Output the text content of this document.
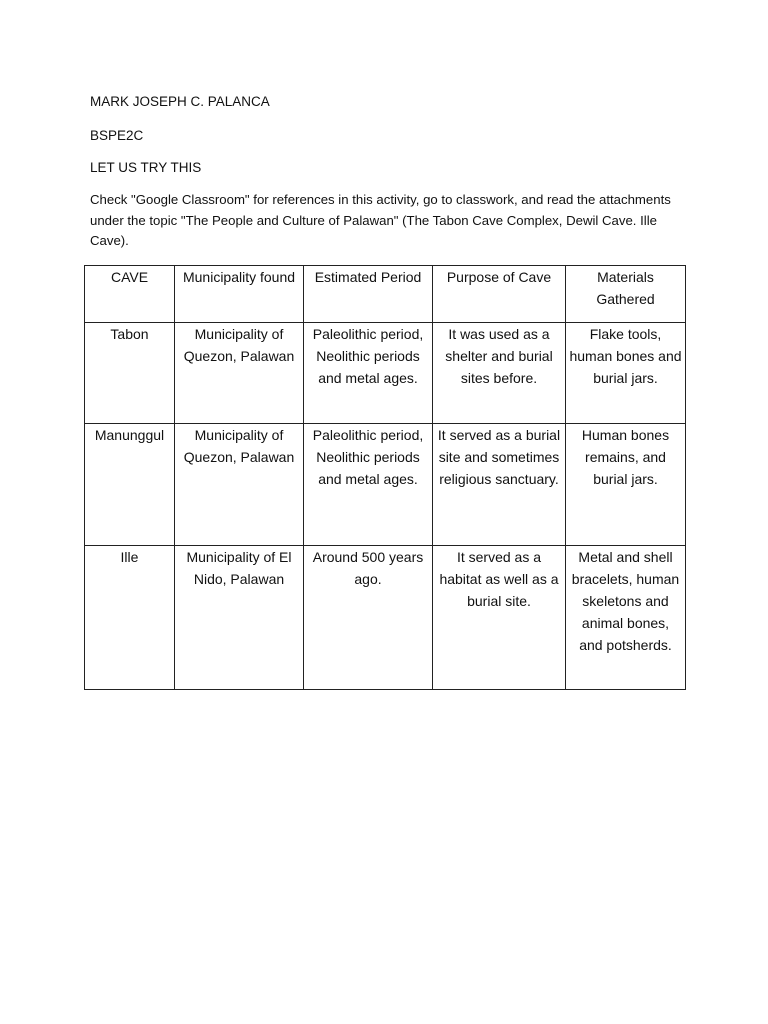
MARK JOSEPH C. PALANCA

BSPE2C

LET US TRY THIS

Check "Google Classroom" for references in this activity, go to classwork, and read the attachments under the topic "The People and Culture of Palawan" (The Tabon Cave Complex, Dewil Cave. Ille Cave).

CAVE	Municipality found	Estimated Period	Purpose of Cave	Materials Gathered
Tabon	Municipality of Quezon, Palawan	Paleolithic period, Neolithic periods and metal ages.	It was used as a shelter and burial sites before.	Flake tools, human bones and burial jars.
Manunggul	Municipality of Quezon, Palawan	Paleolithic period, Neolithic periods and metal ages.	It served as a burial site and sometimes religious sanctuary.	Human bones remains, and burial jars.
Ille	Municipality of El Nido, Palawan	Around 500 years ago.	It served as a habitat as well as a burial site.	Metal and shell bracelets, human skeletons and animal bones, and potsherds.
